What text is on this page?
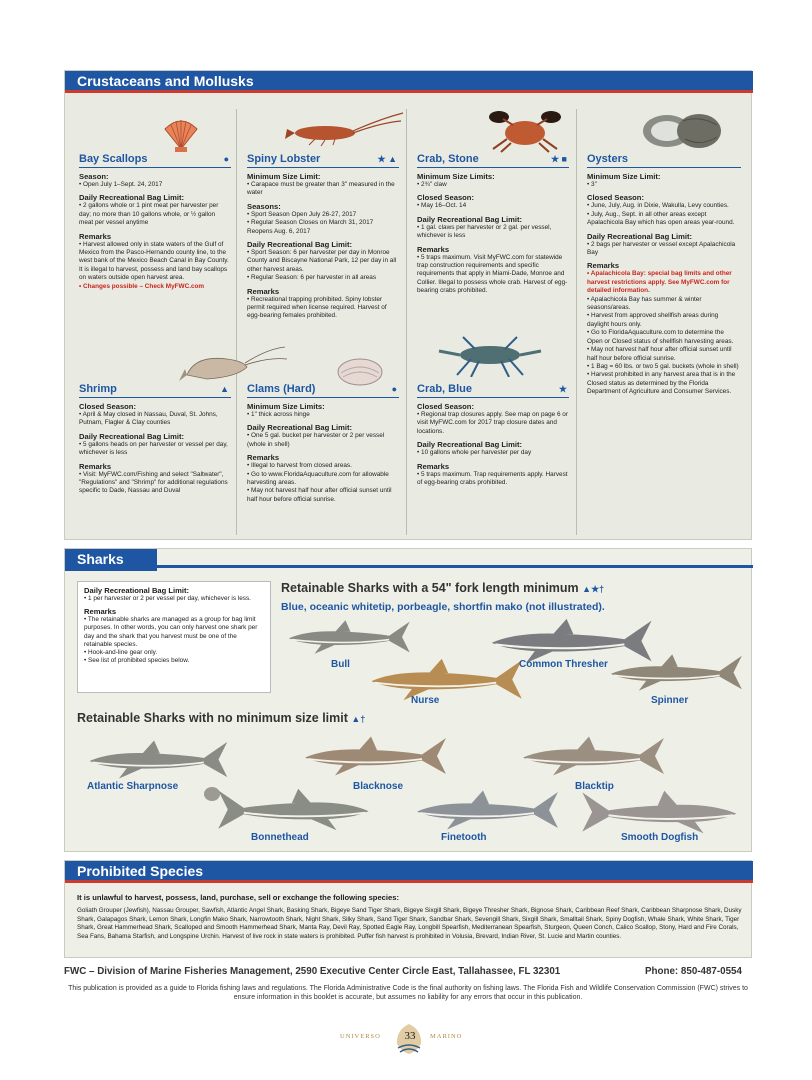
Crustaceans and Mollusks
Bay Scallops	●
Season:

• Open July 1–Sept. 24, 2017

Daily Recreational Bag Limit:

• 2 gallons whole or 1 pint meat per harvester per day; no more than 10 gallons whole, or ½ gallon meat per vessel anytime

Remarks

• Harvest allowed only in state waters of the Gulf of Mexico from the Pasco-Hernando county line, to the west bank of the Mexico Beach Canal in Bay County. It is illegal to harvest, possess and land bay scallops on waters outside open harvest area.

• Changes possible – Check MyFWC.com

Shrimp	▲
Closed Season:

• April & May closed in Nassau, Duval, St. Johns, Putnam, Flagler & Clay counties

Daily Recreational Bag Limit:

• 5 gallons heads on per harvester or vessel per day, whichever is less

Remarks

• Visit: MyFWC.com/Fishing and select "Saltwater", "Regulations" and "Shrimp" for additional regulations specific to Dade, Nassau and Duval

Spiny Lobster	★ ▲
Minimum Size Limit:

• Carapace must be greater than 3" measured in the water

Seasons:

• Sport Season Open July 26-27, 2017

• Regular Season Closes on March 31, 2017 Reopens Aug. 6, 2017

Daily Recreational Bag Limit:

• Sport Season: 6 per harvester per day in Monroe County and Biscayne National Park, 12 per day in all other harvest areas.

• Regular Season: 6 per harvester in all areas

Remarks

• Recreational trapping prohibited. Spiny lobster permit required when license required. Harvest of egg-bearing females prohibited.

Clams (Hard)	●
Minimum Size Limits:

• 1" thick across hinge

Daily Recreational Bag Limit:

• One 5 gal. bucket per harvester or 2 per vessel (whole in shell)

Remarks

• Illegal to harvest from closed areas.

• Go to www.FloridaAquaculture.com for allowable harvesting areas.

• May not harvest half hour after official sunset until half hour before official sunrise.

Crab, Stone	★ ■
Minimum Size Limits:

• 2¾" claw

Closed Season:

• May 16–Oct. 14

Daily Recreational Bag Limit:

• 1 gal. claws per harvester or 2 gal. per vessel, whichever is less

Remarks

• 5 traps maximum. Visit MyFWC.com for statewide trap construction requirements and specific requirements that apply in Miami-Dade, Monroe and Collier. Illegal to possess whole crab. Harvest of egg-bearing crabs prohibited.

Crab, Blue	★
Closed Season:

• Regional trap closures apply. See map on page 6 or visit MyFWC.com for 2017 trap closure dates and locations.

Daily Recreational Bag Limit:

• 10 gallons whole per harvester per day

Remarks

• 5 traps maximum. Trap requirements apply. Harvest of egg-bearing crabs prohibited.

Oysters
Minimum Size Limit:

• 3"

Closed Season:

• June, July, Aug. in Dixie, Wakulla, Levy counties.

• July, Aug., Sept. in all other areas except Apalachicola Bay which has open areas year-round.

Daily Recreational Bag Limit:

• 2 bags per harvester or vessel except Apalachicola Bay

Remarks

• Apalachicola Bay: special bag limits and other harvest restrictions apply. See MyFWC.com for detailed information.

• Apalachicola Bay has summer & winter seasons/areas.

• Harvest from approved shellfish areas during daylight hours only.

• Go to FloridaAquaculture.com to determine the Open or Closed status of shellfish harvesting areas.

• May not harvest half hour after official sunset until half hour before official sunrise.

• 1 Bag = 60 lbs. or two 5 gal. buckets (whole in shell)

• Harvest prohibited in any harvest area that is in the Closed status as determined by the Florida Department of Agriculture and Consumer Services.

Sharks
Daily Recreational Bag Limit:

• 1 per harvester or 2 per vessel per day, whichever is less.

Remarks

• The retainable sharks are managed as a group for bag limit purposes. In other words, you can only harvest one shark per day and the shark that you harvest must be one of the retainable species.

• Hook-and-line gear only.

• See list of prohibited species below.

Retainable Sharks with a 54" fork length minimum ▲★†
Blue, oceanic whitetip, porbeagle, shortfin mako (not illustrated).
Retainable Sharks with no minimum size limit ▲†
Bull	Common Thresher
Nurse	Spinner
Atlantic Sharpnose	Blacknose	Blacktip
Bonnethead	Finetooth	Smooth Dogfish
Prohibited Species
It is unlawful to harvest, possess, land, purchase, sell or exchange the following species:
Goliath Grouper (Jewfish), Nassau Grouper, Sawfish, Atlantic Angel Shark, Basking Shark, Bigeye Sand Tiger Shark, Bigeye Sixgill Shark, Bigeye Thresher Shark, Bignose Shark, Caribbean Reef Shark, Caribbean Sharpnose Shark, Dusky Shark, Galapagos Shark, Lemon Shark, Longfin Mako Shark, Narrowtooth Shark, Night Shark, Silky Shark, Sand Tiger Shark, Sandbar Shark, Sevengill Shark, Sixgill Shark, Smalltail Shark, Spiny Dogfish, Whale Shark, White Shark, Tiger Shark, Great Hammerhead Shark, Scalloped and Smooth Hammerhead Shark, Manta Ray, Devil Ray, Spotted Eagle Ray, Longbill Spearfish, Mediterranean Spearfish, Sturgeon, Queen Conch, Calico Scallop, Stony, Hard and Fire Corals, Sea Fans, Bahama Starfish, and Longspine Urchin. Harvest of live rock in state waters is prohibited. Puffer fish harvest is prohibited in Volusia, Brevard, Indian River, St. Lucie and Martin counties.
FWC – Division of Marine Fisheries Management, 2590 Executive Center Circle East, Tallahassee, FL 32301	Phone: 850-487-0554
This publication is provided as a guide to Florida fishing laws and regulations. The Florida Administrative Code is the final authority on fishing laws. The Florida Fish and Wildlife Conservation Commission (FWC) strives to ensure information in this booklet is accurate, but assumes no liability for any errors that occur in this publication.
UNIVERSO	33	MARINO
